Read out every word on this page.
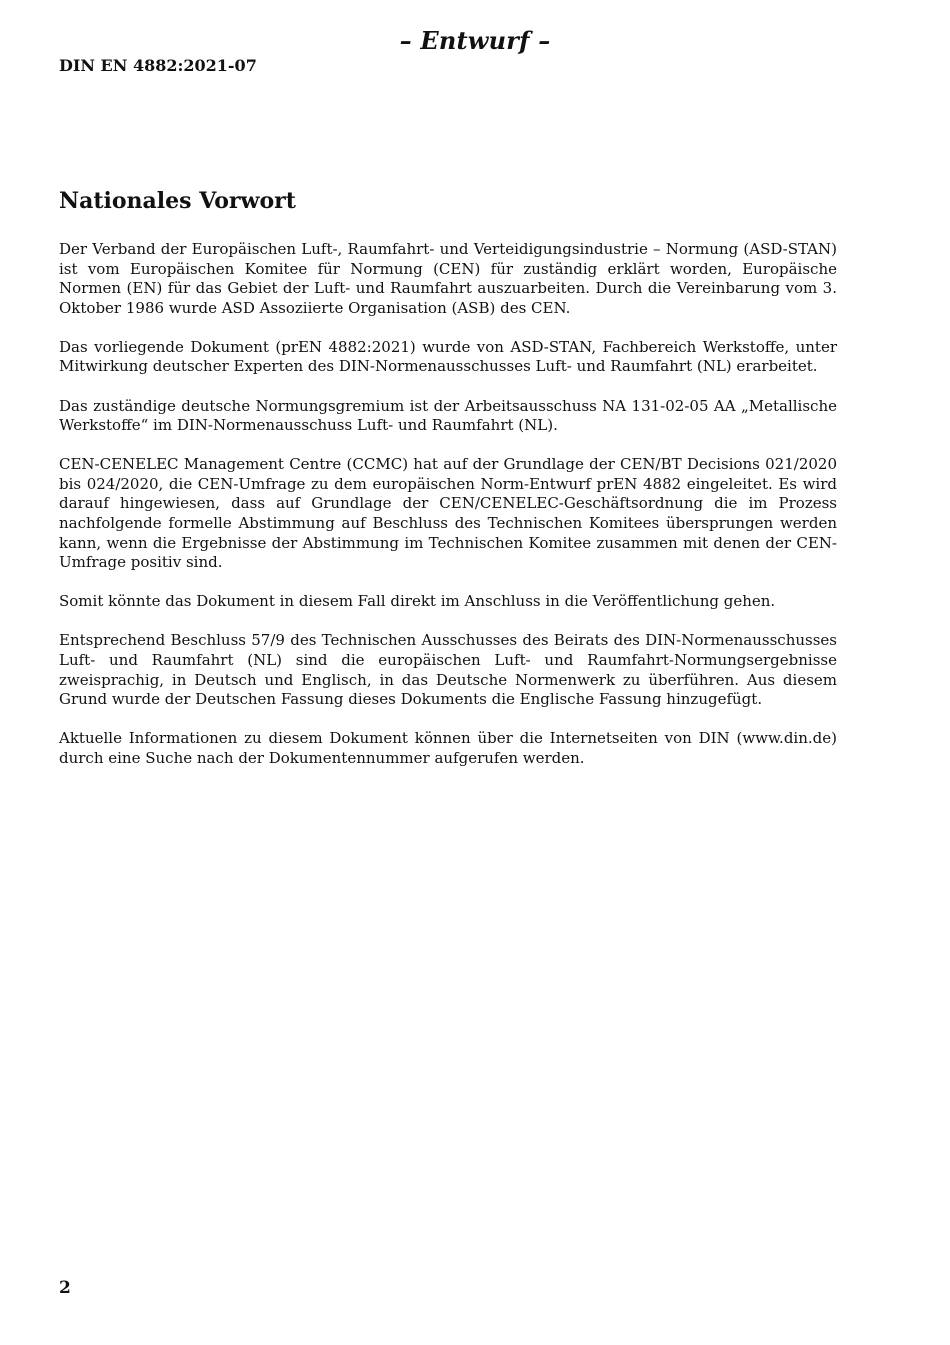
– Entwurf –
DIN EN 4882:2021-07
Nationales Vorwort

Der Verband der Europäischen Luft-, Raumfahrt- und Verteidigungsindustrie – Normung (ASD-STAN) ist vom Europäischen Komitee für Normung (CEN) für zuständig erklärt worden, Europäische Normen (EN) für das Gebiet der Luft- und Raumfahrt auszuarbeiten. Durch die Vereinbarung vom 3. Oktober 1986 wurde ASD Assoziierte Organisation (ASB) des CEN.

Das vorliegende Dokument (prEN 4882:2021) wurde von ASD-STAN, Fachbereich Werkstoffe, unter Mitwirkung deutscher Experten des DIN-Normenausschusses Luft- und Raumfahrt (NL) erarbeitet.

Das zuständige deutsche Normungsgremium ist der Arbeitsausschuss NA 131-02-05 AA „Metallische Werkstoffe“ im DIN-Normenausschuss Luft- und Raumfahrt (NL).

CEN-CENELEC Management Centre (CCMC) hat auf der Grundlage der CEN/BT Decisions 021/2020 bis 024/2020, die CEN-Umfrage zu dem europäischen Norm-Entwurf prEN 4882 eingeleitet. Es wird darauf hingewiesen, dass auf Grundlage der CEN/CENELEC-Geschäftsordnung die im Prozess nachfolgende formelle Abstimmung auf Beschluss des Technischen Komitees übersprungen werden kann, wenn die Ergebnisse der Abstimmung im Technischen Komitee zusammen mit denen der CEN-Umfrage positiv sind.

Somit könnte das Dokument in diesem Fall direkt im Anschluss in die Veröffentlichung gehen.

Entsprechend Beschluss 57/9 des Technischen Ausschusses des Beirats des DIN-Normenausschusses Luft- und Raumfahrt (NL) sind die europäischen Luft- und Raumfahrt-Normungsergebnisse zweisprachig, in Deutsch und Englisch, in das Deutsche Normenwerk zu überführen. Aus diesem Grund wurde der Deutschen Fassung dieses Dokuments die Englische Fassung hinzugefügt.

Aktuelle Informationen zu diesem Dokument können über die Internetseiten von DIN (www.din.de) durch eine Suche nach der Dokumentennummer aufgerufen werden.

2
